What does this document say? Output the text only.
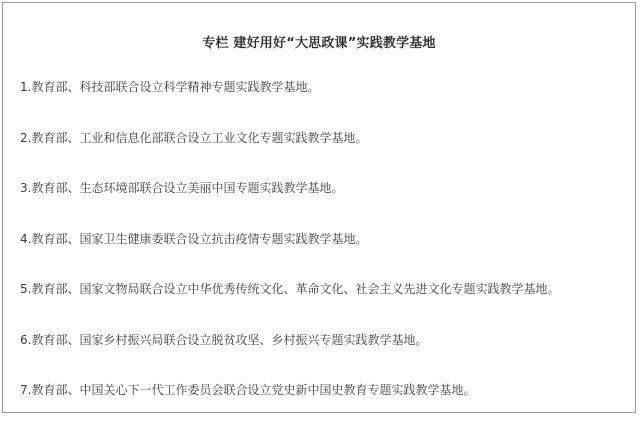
专栏 建好用好“大思政课”实践教学基地
1.教育部、科技部联合设立科学精神专题实践教学基地。
2.教育部、工业和信息化部联合设立工业文化专题实践教学基地。
3.教育部、生态环境部联合设立美丽中国专题实践教学基地。
4.教育部、国家卫生健康委联合设立抗击疫情专题实践教学基地。
5.教育部、国家文物局联合设立中华优秀传统文化、革命文化、社会主义先进文化专题实践教学基地。
6.教育部、国家乡村振兴局联合设立脱贫攻坚、乡村振兴专题实践教学基地。
7.教育部、中国关心下一代工作委员会联合设立党史新中国史教育专题实践教学基地。
